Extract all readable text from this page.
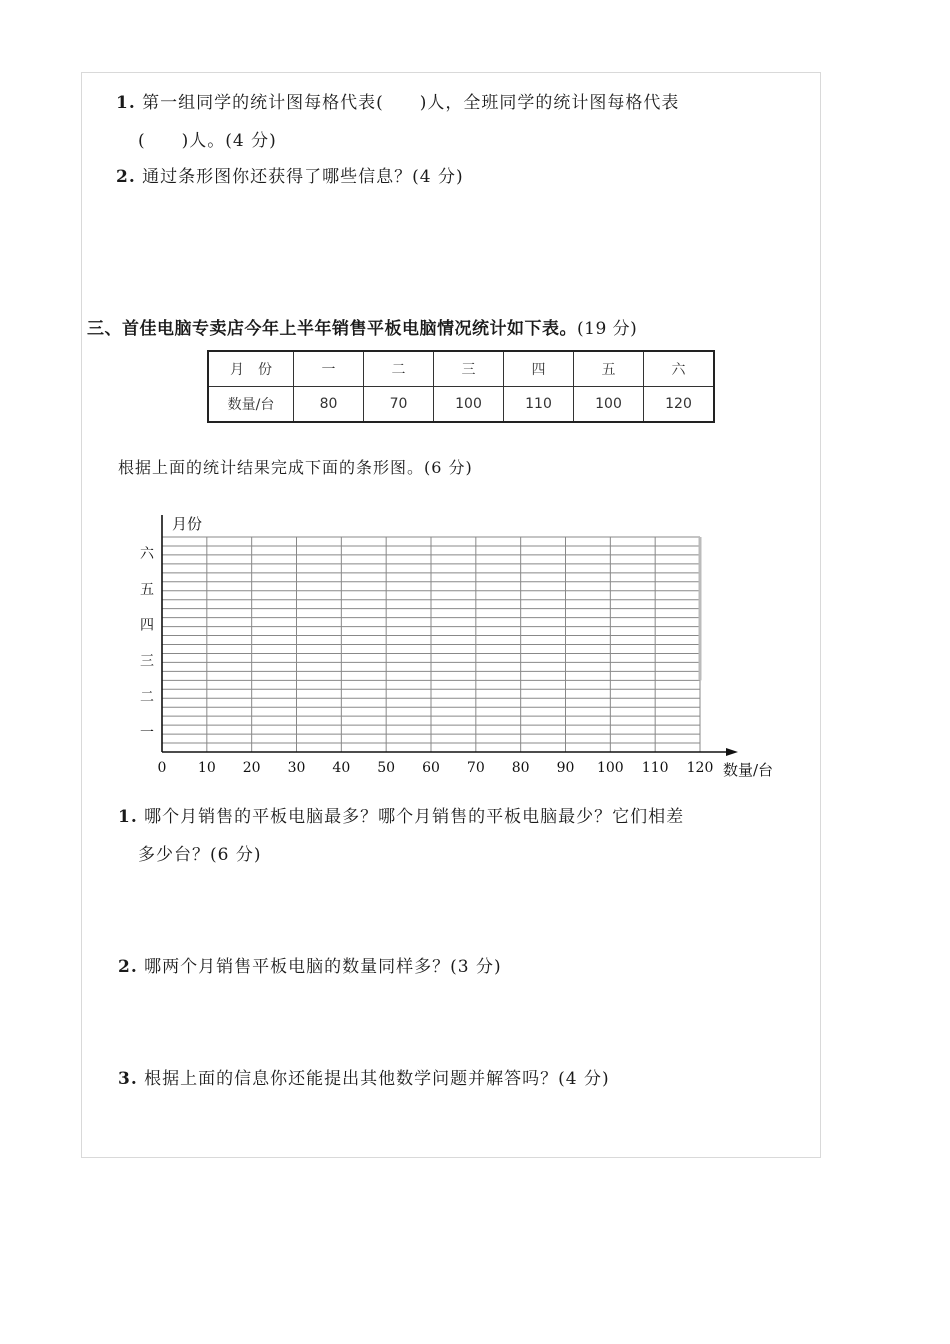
1. 第一组同学的统计图每格代表(　　)人，全班同学的统计图每格代表
(　　)人。(4 分)
2. 通过条形图你还获得了哪些信息？(4 分)
三、首佳电脑专卖店今年上半年销售平板电脑情况统计如下表。(19 分)
月　份	一	二	三	四	五	六
数量/台	80	70	100	110	100	120
根据上面的统计结果完成下面的条形图。(6 分)
一
二
三
四
五
六
0 10 20 30 40 50 60 70 80 90 100 110 120
月份
数量/台
1. 哪个月销售的平板电脑最多？哪个月销售的平板电脑最少？它们相差
多少台？(6 分)
2. 哪两个月销售平板电脑的数量同样多？(3 分)
3. 根据上面的信息你还能提出其他数学问题并解答吗？(4 分)
